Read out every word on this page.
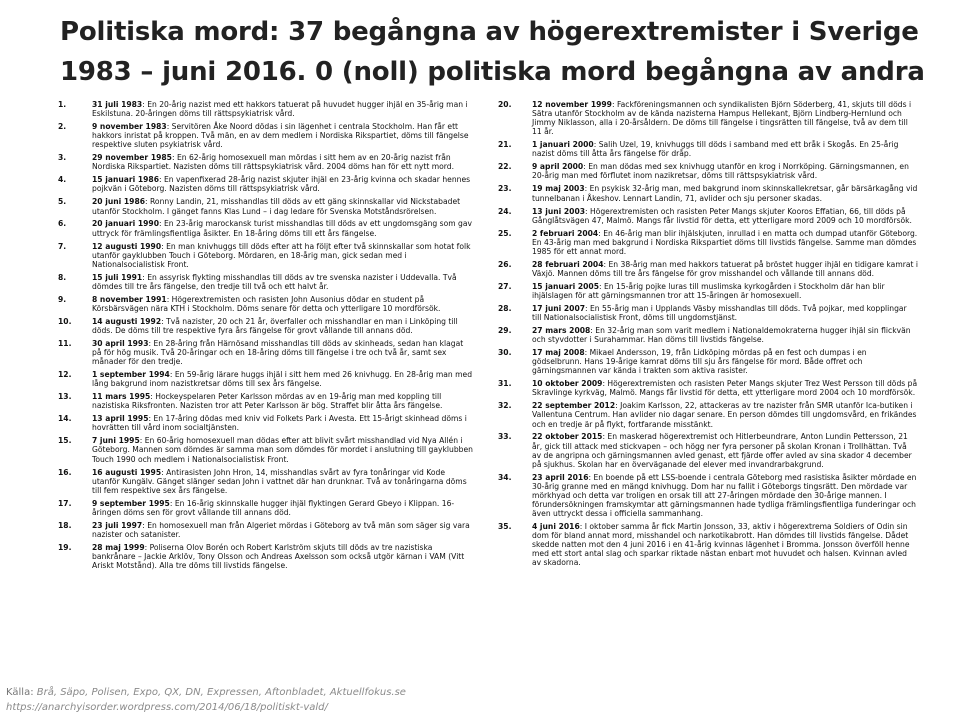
Politiska mord: 37 begångna av högerextremister i Sverige
1983 – juni 2016. 0 (noll) politiska mord begångna av andra
1.	31 juli 1983: En 20-årig nazist med ett hakkors tatuerat på huvudet hugger ihjäl en 35-årig man i Eskilstuna. 20-åringen döms till rättspsykiatrisk vård.
2.	9 november 1983: Servitören Åke Noord dödas i sin lägenhet i centrala Stockholm. Han får ett hakkors inristat på kroppen. Två män, en av dem medlem i Nordiska Rikspartiet, döms till fängelse respektive sluten psykiatrisk vård.
3.	29 november 1985: En 62-årig homosexuell man mördas i sitt hem av en 20-årig nazist från Nordiska Rikspartiet. Nazisten döms till rättspsykiatrisk vård. 2004 döms han för ett nytt mord.
4.	15 januari 1986: En vapenfixerad 28-årig nazist skjuter ihjäl en 23-årig kvinna och skadar hennes pojkvän i Göteborg. Nazisten döms till rättspsykiatrisk vård.
5.	20 juni 1986: Ronny Landin, 21, misshandlas till döds av ett gäng skinnskallar vid Nickstabadet utanför Stockholm. I gänget fanns Klas Lund – i dag ledare för Svenska Motståndsrörelsen.
6.	20 januari 1990: En 23-årig marockansk turist misshandlas till döds av ett ungdomsgäng som gav uttryck för främlingsfientliga åsikter. En 18-åring döms till ett års fängelse.
7.	12 augusti 1990: En man knivhuggs till döds efter att ha följt efter två skinnskallar som hotat folk utanför gayklubben Touch i Göteborg. Mördaren, en 18-årig man, gick sedan med i Nationalsocialistisk Front.
8.	15 juli 1991: En assyrisk flykting misshandlas till döds av tre svenska nazister i Uddevalla. Två dömdes till tre års fängelse, den tredje till två och ett halvt år.
9.	8 november 1991: Högerextremisten och rasisten John Ausonius dödar en student på Körsbärsvägen nära KTH i Stockholm. Döms senare för detta och ytterligare 10 mordförsök.
10.	14 augusti 1992: Två nazister, 20 och 21 år, överfaller och misshandlar en man i Linköping till döds. De döms till tre respektive fyra års fängelse för grovt vållande till annans död.
11.	30 april 1993: En 28-åring från Härnösand misshandlas till döds av skinheads, sedan han klagat på för hög musik. Två 20-åringar och en 18-åring döms till fängelse i tre och två år, samt sex månader för den tredje.
12.	1 september 1994: En 59-årig lärare huggs ihjäl i sitt hem med 26 knivhugg. En 28-årig man med lång bakgrund inom nazistkretsar döms till sex års fängelse.
13.	11 mars 1995: Hockeyspelaren Peter Karlsson mördas av en 19-årig man med koppling till nazistiska Riksfronten. Nazisten tror att Peter Karlsson är bög. Straffet blir åtta års fängelse.
14.	13 april 1995: En 17-åring dödas med kniv vid Folkets Park i Avesta. Ett 15-årigt skinhead döms i hovrätten till vård inom socialtjänsten.
15.	7 juni 1995: En 60-årig homosexuell man dödas efter att blivit svårt misshandlad vid Nya Allén i Göteborg. Mannen som dömdes är samma man som dömdes för mordet i anslutning till gayklubben Touch 1990 och medlem i Nationalsocialistisk Front.
16.	16 augusti 1995: Antirasisten John Hron, 14, misshandlas svårt av fyra tonåringar vid Kode utanför Kungälv. Gänget slänger sedan John i vattnet där han drunknar. Två av tonåringarna döms till fem respektive sex års fängelse.
17.	9 september 1995: En 16-årig skinnskalle hugger ihjäl flyktingen Gerard Gbeyo i Klippan. 16-åringen döms sen för grovt vållande till annans död.
18.	23 juli 1997: En homosexuell man från Algeriet mördas i Göteborg av två män som säger sig vara nazister och satanister.
19.	28 maj 1999: Poliserna Olov Borén och Robert Karlström skjuts till döds av tre nazistiska bankrånare – Jackie Arklöv, Tony Olsson och Andreas Axelsson som också utgör kärnan i VAM (Vitt Ariskt Motstånd). Alla tre döms till livstids fängelse.
20.	12 november 1999: Fackföreningsmannen och syndikalisten Björn Söderberg, 41, skjuts till döds i Sätra utanför Stockholm av de kända nazisterna Hampus Hellekant, Björn Lindberg-Hernlund och Jimmy Niklasson, alla i 20-årsåldern. De döms till fängelse i tingsrätten till fängelse, två av dem till 11 år.
21.	1 januari 2000: Salih Uzel, 19, knivhuggs till döds i samband med ett bråk i Skogås. En 25-årig nazist döms till åtta års fängelse för dråp.
22.	9 april 2000: En man dödas med sex knivhugg utanför en krog i Norrköping. Gärningsmannen, en 20-årig man med förflutet inom nazikretsar, döms till rättspsykiatrisk vård.
23.	19 maj 2003: En psykisk 32-årig man, med bakgrund inom skinnskallekretsar, går bärsärkagång vid tunnelbanan i Åkeshov. Lennart Landin, 71, avlider och sju personer skadas.
24.	13 juni 2003: Högerextremisten och rasisten Peter Mangs skjuter Kooros Effatian, 66, till döds på Gånglåtsvägen 47, Malmö. Mangs får livstid för detta, ett ytterligare mord 2009 och 10 mordförsök.
25.	2 februari 2004: En 46-årig man blir ihjälskjuten, inrullad i en matta och dumpad utanför Göteborg. En 43-årig man med bakgrund i Nordiska Rikspartiet döms till livstids fängelse. Samme man dömdes 1985 för ett annat mord.
26.	28 februari 2004: En 38-årig man med hakkors tatuerat på bröstet hugger ihjäl en tidigare kamrat i Växjö. Mannen döms till tre års fängelse för grov misshandel och vållande till annans död.
27.	15 januari 2005: En 15-årig pojke luras till muslimska kyrkogården i Stockholm där han blir ihjälslagen för att gärningsmannen tror att 15-åringen är homosexuell.
28.	17 juni 2007: En 55-årig man i Upplands Väsby misshandlas till döds. Två pojkar, med kopplingar till Nationalsocialistisk Front, döms till ungdomstjänst.
29.	27 mars 2008: En 32-årig man som varit medlem i Nationaldemokraterna hugger ihjäl sin flickvän och styvdotter i Surahammar. Han döms till livstids fängelse.
30.	17 maj 2008: Mikael Andersson, 19, från Lidköping mördas på en fest och dumpas i en gödselbrunn. Hans 19-årige kamrat döms till sju års fängelse för mord. Både offret och gärningsmannen var kända i trakten som aktiva rasister.
31.	10 oktober 2009: Högerextremisten och rasisten Peter Mangs skjuter Trez West Persson till döds på Skravlinge kyrkväg, Malmö. Mangs får livstid för detta, ett ytterligare mord 2004 och 10 mordförsök.
32.	22 september 2012: Joakim Karlsson, 22, attackeras av tre nazister från SMR utanför Ica-butiken i Vallentuna Centrum. Han avlider nio dagar senare. En person dömdes till ungdomsvård, en frikändes och en tredje är på flykt, fortfarande misstänkt.
33.	22 oktober 2015: En maskerad högerextremist och Hitlerbeundrare, Anton Lundin Pettersson, 21 år, gick till attack med stickvapen – och högg ner fyra personer på skolan Kronan i Trollhättan. Två av de angripna och gärningsmannen avled genast, ett fjärde offer avled av sina skador 4 december på sjukhus. Skolan har en överväganade del elever med invandrarbakgrund.
34.	23 april 2016: En boende på ett LSS-boende i centrala Göteborg med rasistiska åsikter mördade en 30-årig granne med en mängd knivhugg. Dom har nu fallit i Göteborgs tingsrätt. Den mördade var mörkhyad och detta var troligen en orsak till att 27-åringen mördade den 30-årige mannen. I förundersökningen framskymtar att gärningsmannen hade tydliga främlingsfientliga funderingar och även uttryckt dessa i officiella sammanhang.
35.	4 juni 2016: I oktober samma år fick Martin Jonsson, 33, aktiv i högerextrema Soldiers of Odin sin dom för bland annat mord, misshandel och narkotikabrott. Han dömdes till livstids fängelse. Dådet skedde natten mot den 4 juni 2016 i en 41-årig kvinnas lägenhet i Bromma. Jonsson överföll henne med ett stort antal slag och sparkar riktade nästan enbart mot huvudet och halsen. Kvinnan avled av skadorna.
Källa: Brå, Säpo, Polisen, Expo, QX, DN, Expressen, Aftonbladet, Aktuellfokus.se
https://anarchyisorder.wordpress.com/2014/06/18/politiskt-vald/
